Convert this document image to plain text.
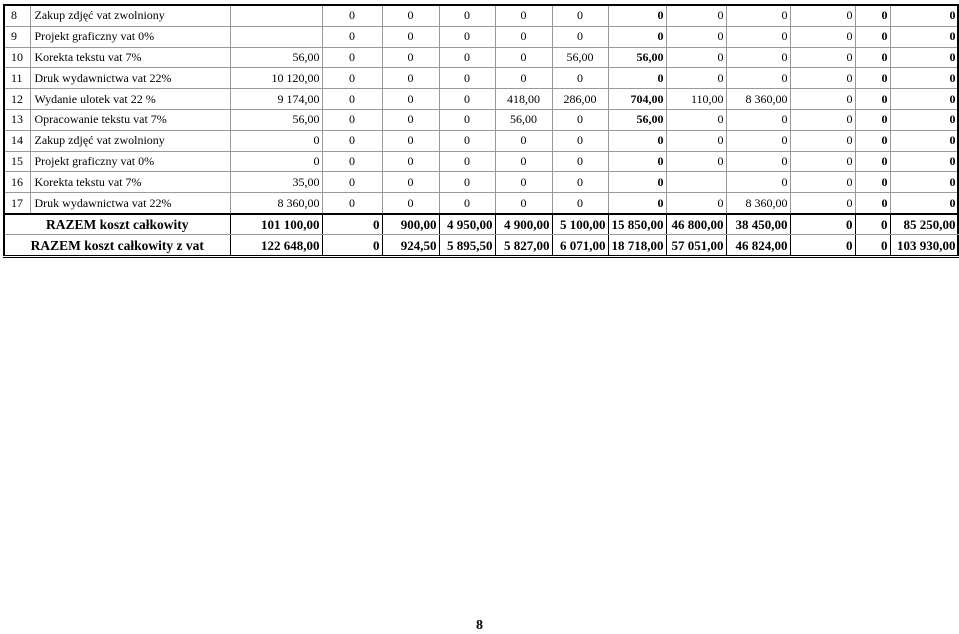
8	Zakup zdjęć vat zwolniony		0	0	0	0	0	0	0	0	0	0	0	
9	Projekt graficzny vat 0%		0	0	0	0	0	0	0	0	0	0	0	
10	Korekta tekstu vat 7%	56,00	0	0	0	0	56,00	56,00	0	0	0	0	0	
11	Druk wydawnictwa vat 22%	10 120,00	0	0	0	0	0	0	0	0	0	0	0	
12	Wydanie ulotek vat 22 %	9 174,00	0	0	0	418,00	286,00	704,00	110,00	8 360,00	0	0	0	
13	Opracowanie tekstu vat 7%	56,00	0	0	0	56,00	0	56,00	0	0	0	0	0	
14	Zakup zdjęć vat zwolniony	0	0	0	0	0	0	0	0	0	0	0	0	
15	Projekt graficzny vat 0%	0	0	0	0	0	0	0	0	0	0	0	0	
16	Korekta tekstu vat 7%	35,00	0	0	0	0	0	0		0	0	0	0	
17	Druk wydawnictwa vat 22%	8 360,00	0	0	0	0	0	0	0	8 360,00	0	0	0	
RAZEM koszt całkowity		101 100,00	0	900,00	4 950,00	4 900,00	5 100,00	15 850,00	46 800,00	38 450,00	0	0	85 250,00	
RAZEM koszt całkowity z vat		122 648,00	0	924,50	5 895,50	5 827,00	6 071,00	18 718,00	57 051,00	46 824,00	0	0	103 930,00	
8
